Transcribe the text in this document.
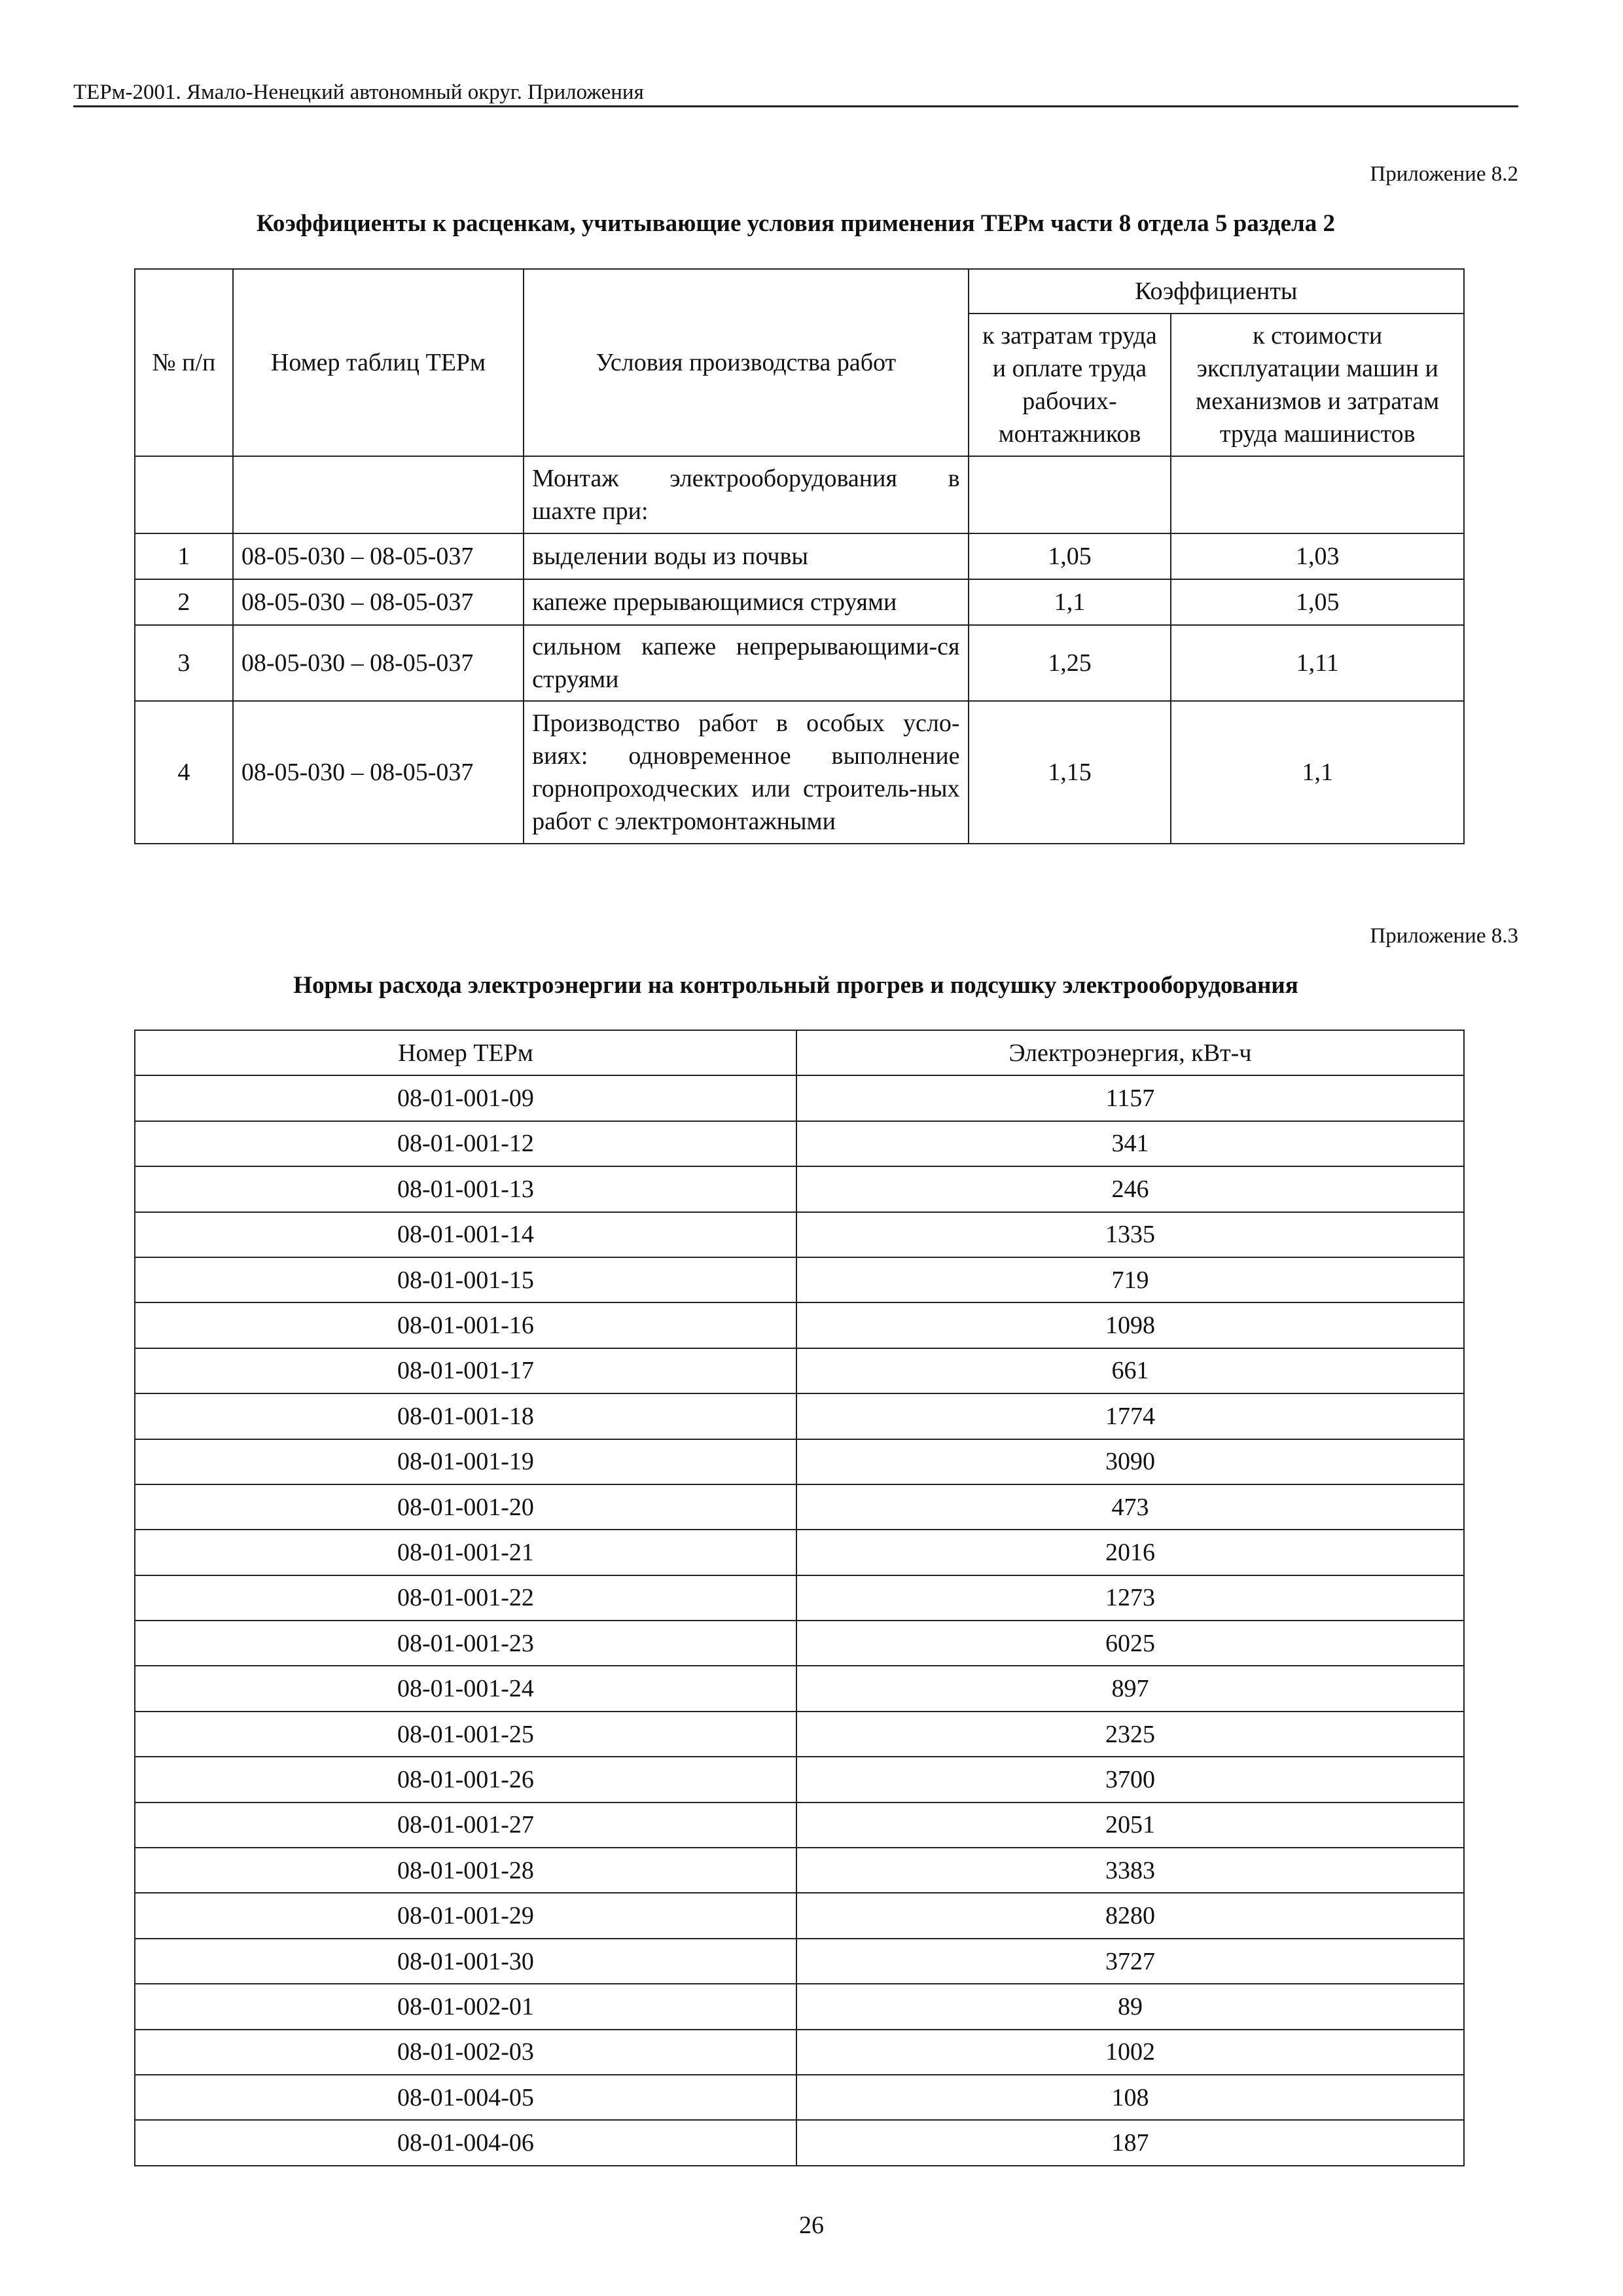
ТЕРм-2001. Ямало-Ненецкий автономный округ. Приложения
Приложение 8.2
Коэффициенты к расценкам, учитывающие условия применения ТЕРм части 8 отдела 5 раздела 2
№ п/п	Номер таблиц ТЕРм	Условия производства работ	Коэффициенты	
			к затратам труда и оплате труда рабочих-монтажников	к стоимости эксплуатации машин и механизмов и затратам труда машинистов

		Монтаж электрооборудования в
шахте при:		

1	08-05-030 – 08-05-037	выделении воды из почвы	1,05	1,03
2	08-05-030 – 08-05-037	капеже прерывающимися струями	1,1	1,05
3	08-05-030 – 08-05-037	сильном капеже непрерывающими-ся струями	1,25	1,11
4	08-05-030 – 08-05-037	Производство работ в особых усло-виях: одновременное выполнение горнопроходческих или строитель-ных работ с электромонтажными	1,15	1,1
Приложение 8.3
Нормы расхода электроэнергии на контрольный прогрев и подсушку электрооборудования
Номер ТЕРм	Электроэнергия, кВт-ч
08-01-001-09	1157
08-01-001-12	341
08-01-001-13	246
08-01-001-14	1335
08-01-001-15	719
08-01-001-16	1098
08-01-001-17	661
08-01-001-18	1774
08-01-001-19	3090
08-01-001-20	473
08-01-001-21	2016
08-01-001-22	1273
08-01-001-23	6025
08-01-001-24	897
08-01-001-25	2325
08-01-001-26	3700
08-01-001-27	2051
08-01-001-28	3383
08-01-001-29	8280
08-01-001-30	3727
08-01-002-01	89
08-01-002-03	1002
08-01-004-05	108
08-01-004-06	187
26
